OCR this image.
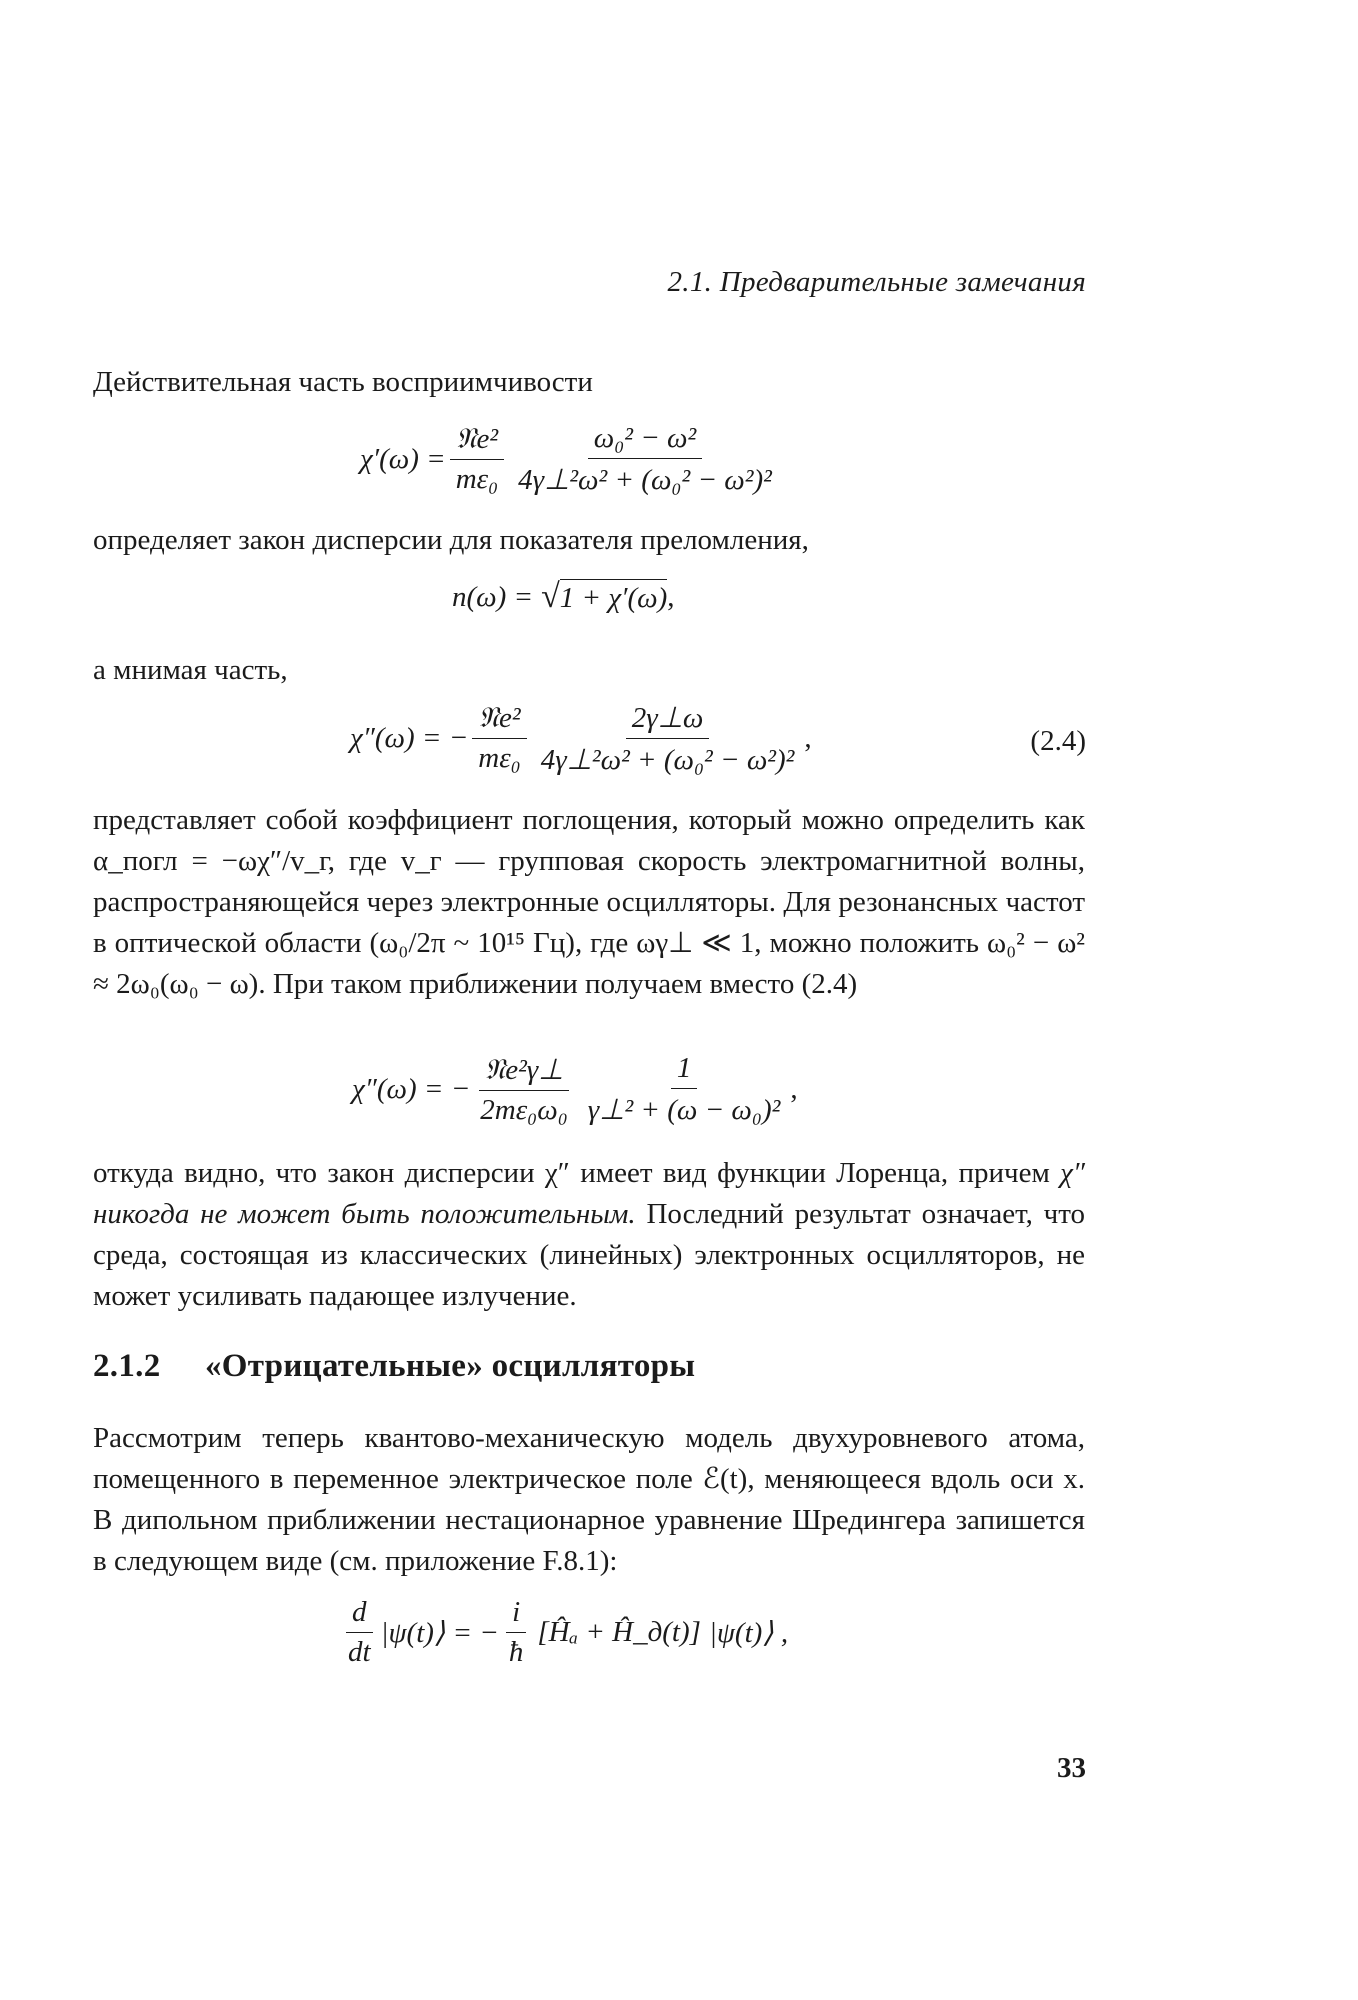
2.1. Предварительные замечания

Действительная часть восприимчивости

$\chi'(\omega) = \frac{\text{𝔑e²}}{\text{mε₀}} \frac{\text{ω₀² − ω²}}{\text{4γ⊥²ω² + (ω₀² − ω²)²}}$

определяет закон дисперсии для показателя преломления,

n(ω) = √ 1 + χ′(ω) ,

а мнимая часть,

χ″(ω) = − $\frac{\text{𝔑e²}}{\text{mε₀}} \frac{2\gamma\perp\omega}{\text{4γ⊥²ω² + (ω₀² − ω²)²}}$ ,	(2.4)

представляет собой коэффициент поглощения, который можно определить как α_погл = −ωχ″/v_г, где v_г — групповая скорость электромагнитной волны, распространяющейся через электронные осцилляторы. Для резонансных частот в оптической области (ω₀/2π ~ 10¹⁵ Гц), где ωγ⊥ ≪ 1, можно положить ω₀² − ω² ≈ 2ω₀(ω₀ − ω). При таком приближении получаем вместо (2.4)

χ″(ω) = − $\frac{\text{𝔑e²γ⊥}}{\text{2mε₀ω₀}} \frac{1}{\text{γ⊥² + (ω − ω₀)²}}$ ,

откуда видно, что закон дисперсии χ″ имеет вид функции Лоренца, причем χ″ никогда не может быть положительным. Последний результат означает, что среда, состоящая из классических (линейных) электронных осцилляторов, не может усиливать падающее излучение.

2.1.2 «Отрицательные» осцилляторы

Рассмотрим теперь квантово-механическую модель двухуровневого атома, помещенного в переменное электрическое поле ℰ(t), меняющееся вдоль оси x. В дипольном приближении нестационарное уравнение Шредингера запишется в следующем виде (см. приложение F.8.1):

$\frac{d}{dt}$ |ψ(t)⟩ = − $\frac{i}{ħ}$ [Ĥₐ + Ĥ_д(t)] |ψ(t)⟩ ,
33
